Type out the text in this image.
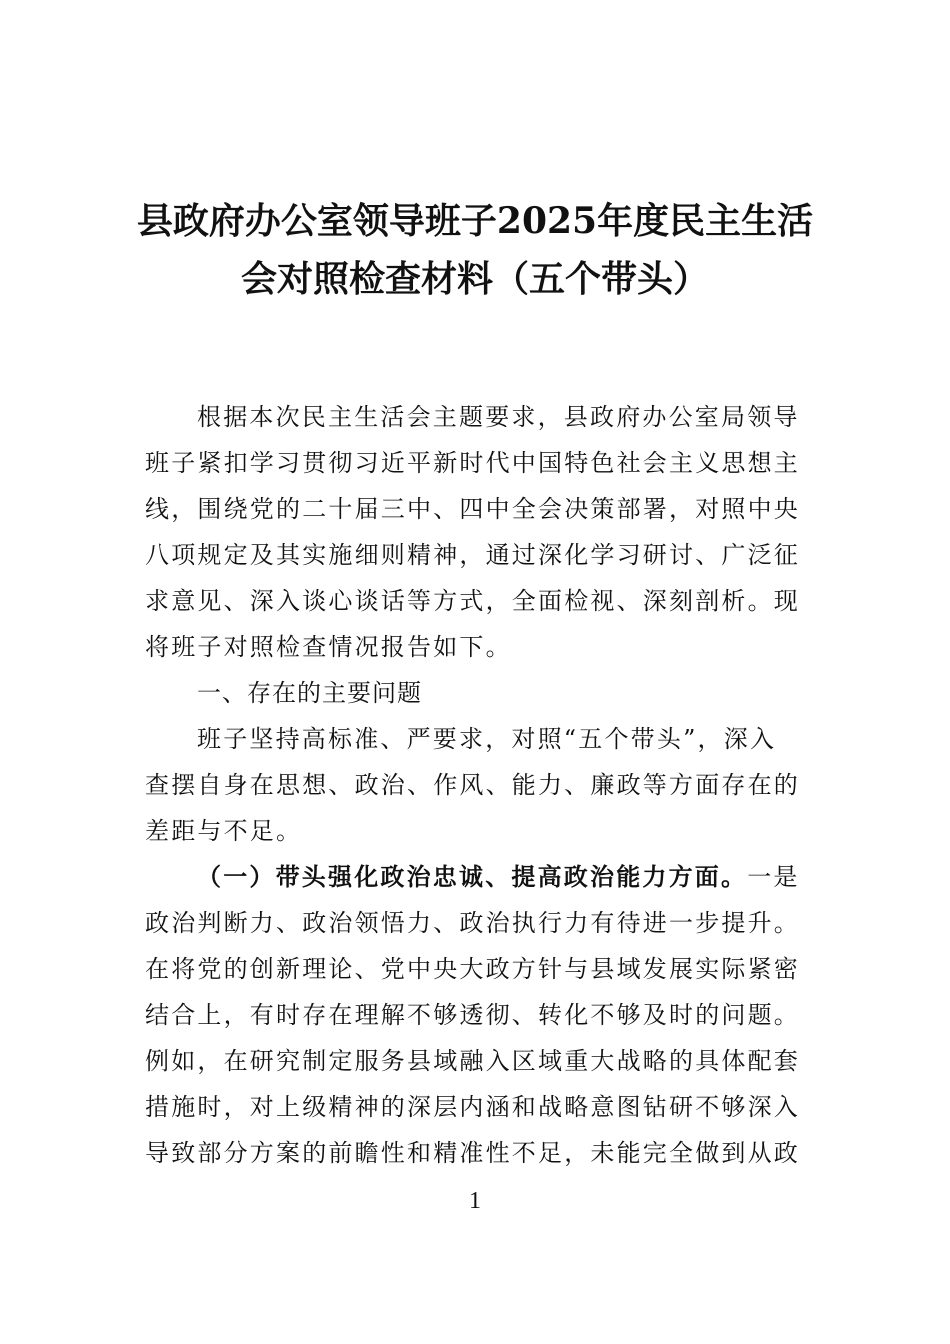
县政府办公室领导班子2025年度民主生活
会对照检查材料（五个带头）
根据本次民主生活会主题要求，县政府办公室局领导
班子紧扣学习贯彻习近平新时代中国特色社会主义思想主
线，围绕党的二十届三中、四中全会决策部署，对照中央
八项规定及其实施细则精神，通过深化学习研讨、广泛征
求意见、深入谈心谈话等方式，全面检视、深刻剖析。现
将班子对照检查情况报告如下。
一、存在的主要问题
班子坚持高标准、严要求，对照“五个带头”，深入
查摆自身在思想、政治、作风、能力、廉政等方面存在的
差距与不足。
（一）带头强化政治忠诚、提高政治能力方面。一是
政治判断力、政治领悟力、政治执行力有待进一步提升。
在将党的创新理论、党中央大政方针与县域发展实际紧密
结合上，有时存在理解不够透彻、转化不够及时的问题。
例如，在研究制定服务县域融入区域重大战略的具体配套
措施时，对上级精神的深层内涵和战略意图钻研不够深入
导致部分方案的前瞻性和精准性不足，未能完全做到从政
1
